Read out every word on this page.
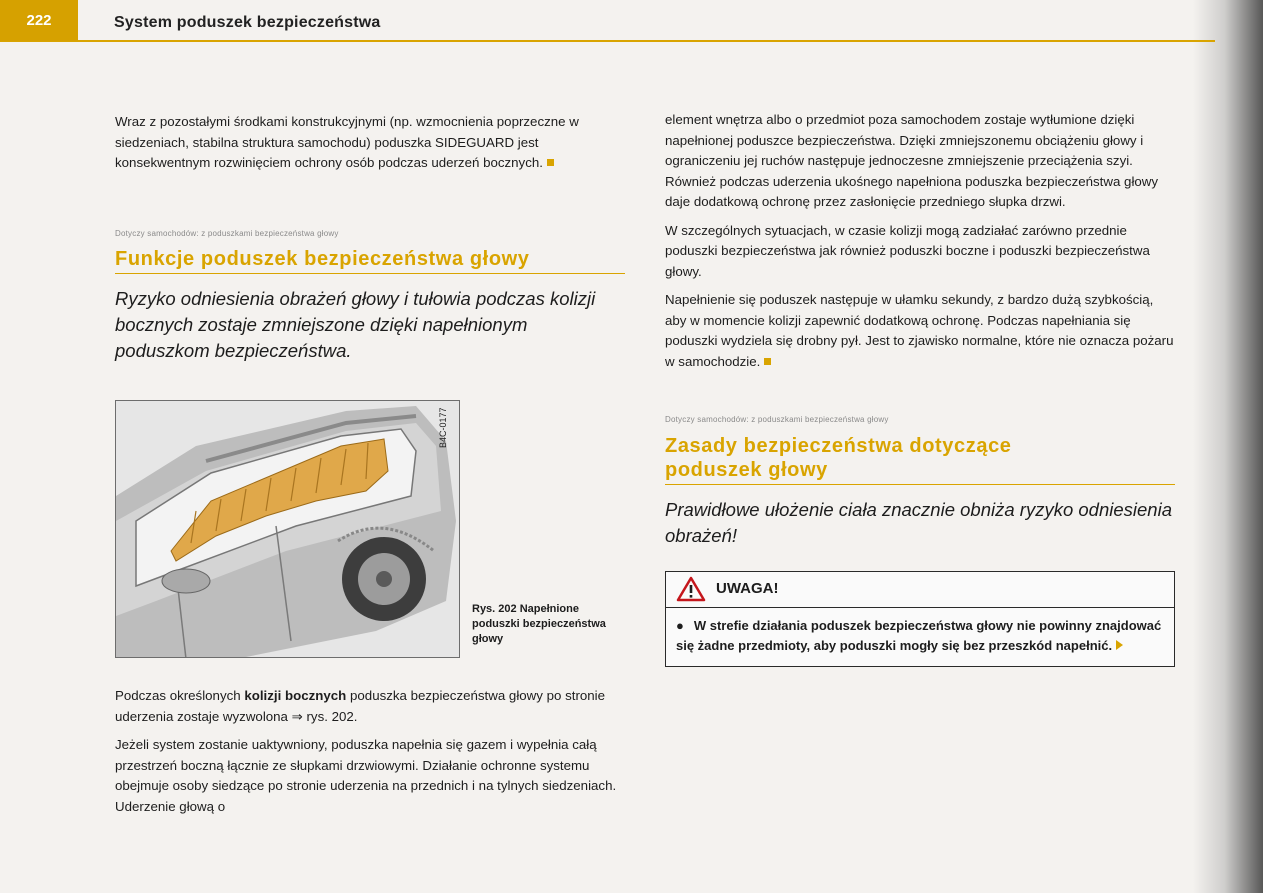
222	System poduszek bezpieczeństwa

Wraz z pozostałymi środkami konstrukcyjnymi (np. wzmocnienia poprzeczne w siedzeniach, stabilna struktura samochodu) poduszka SIDEGUARD jest konsekwentnym rozwinięciem ochrony osób podczas uderzeń bocznych.

Dotyczy samochodów: z poduszkami bezpieczeństwa głowy
Funkcje poduszek bezpieczeństwa głowy
Ryzyko odniesienia obrażeń głowy i tułowia podczas kolizji bocznych zostaje zmniejszone dzięki napełnionym poduszkom bezpieczeństwa.
B4C-0177
Rys. 202 Napełnione poduszki bezpieczeństwa głowy

Podczas określonych kolizji bocznych poduszka bezpieczeństwa głowy po stronie uderzenia zostaje wyzwolona ⇒ rys. 202.

Jeżeli system zostanie uaktywniony, poduszka napełnia się gazem i wypełnia całą przestrzeń boczną łącznie ze słupkami drzwiowymi. Działanie ochronne systemu obejmuje osoby siedzące po stronie uderzenia na przednich i na tylnych siedzeniach. Uderzenie głową o

element wnętrza albo o przedmiot poza samochodem zostaje wytłumione dzięki napełnionej poduszce bezpieczeństwa. Dzięki zmniejszonemu obciążeniu głowy i ograniczeniu jej ruchów następuje jednoczesne zmniejszenie przeciążenia szyi. Również podczas uderzenia ukośnego napełniona poduszka bezpieczeństwa głowy daje dodatkową ochronę przez zasłonięcie przedniego słupka drzwi.

W szczególnych sytuacjach, w czasie kolizji mogą zadziałać zarówno przednie poduszki bezpieczeństwa jak również poduszki boczne i poduszki bezpieczeństwa głowy.

Napełnienie się poduszek następuje w ułamku sekundy, z bardzo dużą szybkością, aby w momencie kolizji zapewnić dodatkową ochronę. Podczas napełniania się poduszki wydziela się drobny pył. Jest to zjawisko normalne, które nie oznacza pożaru w samochodzie.

Dotyczy samochodów: z poduszkami bezpieczeństwa głowy
Zasady bezpieczeństwa dotyczące
poduszek głowy
Prawidłowe ułożenie ciała znacznie obniża ryzyko odniesienia obrażeń!
UWAGA!
● W strefie działania poduszek bezpieczeństwa głowy nie powinny znajdować się żadne przedmioty, aby poduszki mogły się bez przeszkód napełnić.
